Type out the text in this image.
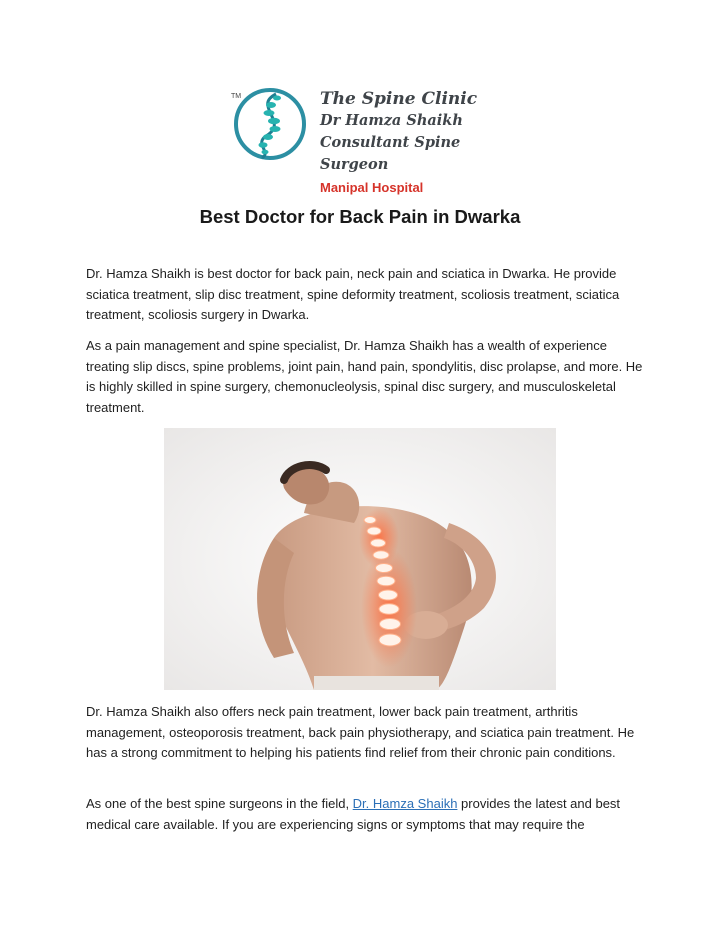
TM	The Spine Clinic
Dr Hamza Shaikh
Consultant Spine Surgeon
Manipal Hospital
Best Doctor for Back Pain in Dwarka

Dr. Hamza Shaikh is best doctor for back pain, neck pain and sciatica in Dwarka. He provide sciatica treatment, slip disc treatment, spine deformity treatment, scoliosis treatment, sciatica treatment, scoliosis surgery in Dwarka.

As a pain management and spine specialist, Dr. Hamza Shaikh has a wealth of experience treating slip discs, spine problems, joint pain, hand pain, spondylitis, disc prolapse, and more. He is highly skilled in spine surgery, chemonucleolysis, spinal disc surgery, and musculoskeletal treatment.

Dr. Hamza Shaikh also offers neck pain treatment, lower back pain treatment, arthritis management, osteoporosis treatment, back pain physiotherapy, and sciatica pain treatment. He has a strong commitment to helping his patients find relief from their chronic pain conditions.

As one of the best spine surgeons in the field, Dr. Hamza Shaikh provides the latest and best medical care available. If you are experiencing signs or symptoms that may require the
